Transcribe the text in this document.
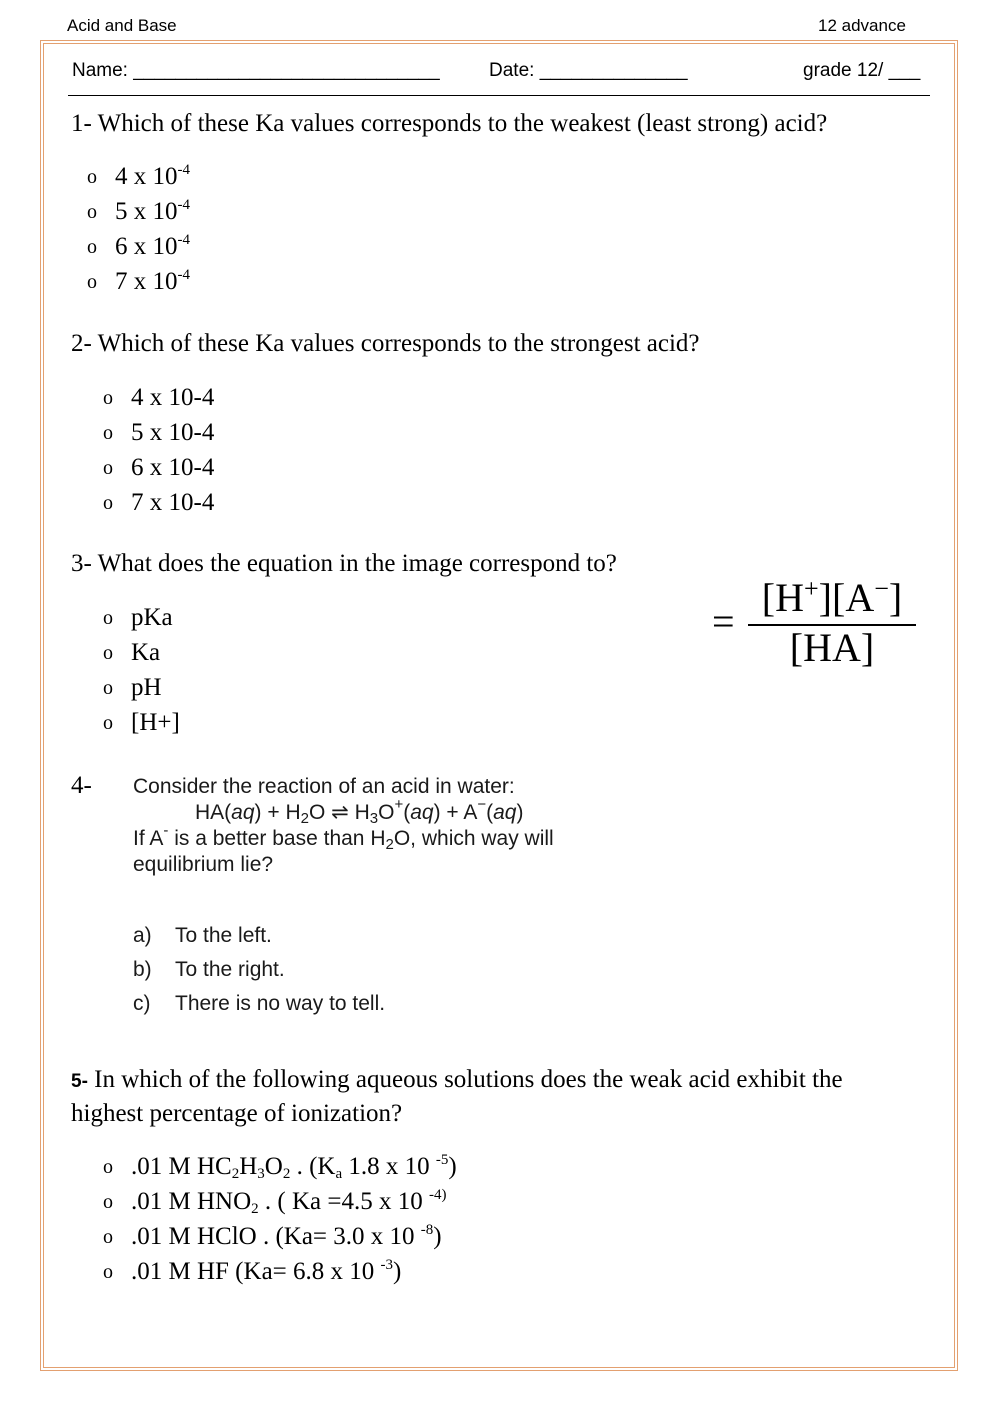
Acid and Base	12 advance
Name: _____________________________	Date: ______________	grade 12/ ___
1- Which of these Ka values corresponds to the weakest (least strong) acid?
o 4 x $10^{-4}$
o 5 x $10^{-4}$
o 6 x $10^{-4}$
o 7 x $10^{-4}$
2- Which of these Ka values corresponds to the strongest acid?
o 4 x 10-4
o 5 x 10-4
o 6 x 10-4
o 7 x 10-4
3- What does the equation in the image correspond to?
o pKa
o Ka
o pH
o [H+]
=
[H+][A−]
[HA]
4- Consider the reaction of an acid in water:
$HA(aq) + H_2O$ ⇌ $H_3O^+(aq) + A^-(aq)$
If A- is a better base than $H_2O$, which way will
equilibrium lie?
a) To the left.
b) To the right.
c) There is no way to tell.
5- In which of the following aqueous solutions does the weak acid exhibit the highest percentage of ionization?
o .01 M $HC_2H_3O_2$ . ($K_a$ 1.8 x 10 $^{-5}$)
o .01 M $HNO_2$ . ( Ka =4.5 x 10 $^{-4)}$
o .01 M HClO . (Ka= 3.0 x 10 $^{-8}$)
o .01 M HF (Ka= 6.8 x 10 $^{-3}$)
